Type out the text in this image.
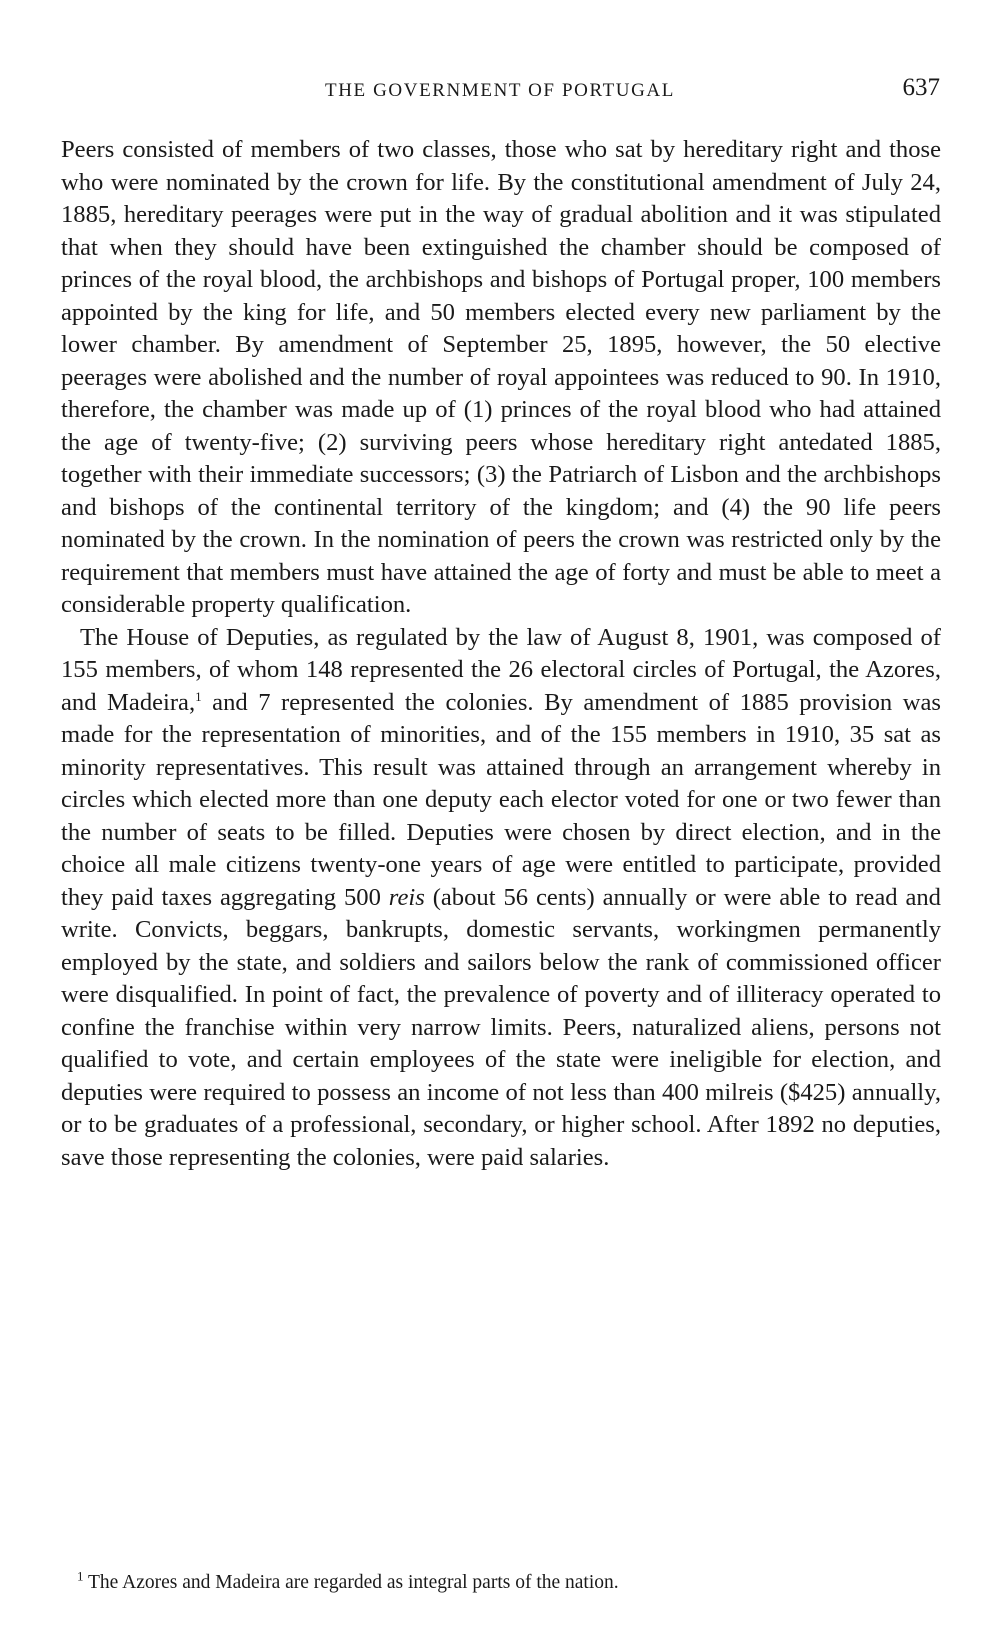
THE GOVERNMENT OF PORTUGAL	637

Peers consisted of members of two classes, those who sat by hereditary right and those who were nominated by the crown for life. By the constitutional amendment of July 24, 1885, hereditary peerages were put in the way of gradual abolition and it was stipulated that when they should have been extinguished the chamber should be composed of princes of the royal blood, the archbishops and bishops of Portugal proper, 100 members appointed by the king for life, and 50 members elected every new parliament by the lower chamber. By amendment of September 25, 1895, however, the 50 elective peerages were abolished and the number of royal appointees was reduced to 90. In 1910, therefore, the chamber was made up of (1) princes of the royal blood who had attained the age of twenty-five; (2) surviving peers whose hereditary right antedated 1885, together with their immediate successors; (3) the Patriarch of Lisbon and the archbishops and bishops of the continental territory of the kingdom; and (4) the 90 life peers nominated by the crown. In the nomination of peers the crown was restricted only by the requirement that members must have attained the age of forty and must be able to meet a considerable property qualification.

The House of Deputies, as regulated by the law of August 8, 1901, was composed of 155 members, of whom 148 represented the 26 electoral circles of Portugal, the Azores, and Madeira,$^1$ and 7 represented the colonies. By amendment of 1885 provision was made for the representation of minorities, and of the 155 members in 1910, 35 sat as minority representatives. This result was attained through an arrangement whereby in circles which elected more than one deputy each elector voted for one or two fewer than the number of seats to be filled. Deputies were chosen by direct election, and in the choice all male citizens twenty-one years of age were entitled to participate, provided they paid taxes aggregating 500 reis (about 56 cents) annually or were able to read and write. Convicts, beggars, bankrupts, domestic servants, workingmen permanently employed by the state, and soldiers and sailors below the rank of commissioned officer were disqualified. In point of fact, the prevalence of poverty and of illiteracy operated to confine the franchise within very narrow limits. Peers, naturalized aliens, persons not qualified to vote, and certain employees of the state were ineligible for election, and deputies were required to possess an income of not less than 400 milreis ($425) annually, or to be graduates of a professional, secondary, or higher school. After 1892 no deputies, save those representing the colonies, were paid salaries.

$^1$ The Azores and Madeira are regarded as integral parts of the nation.
